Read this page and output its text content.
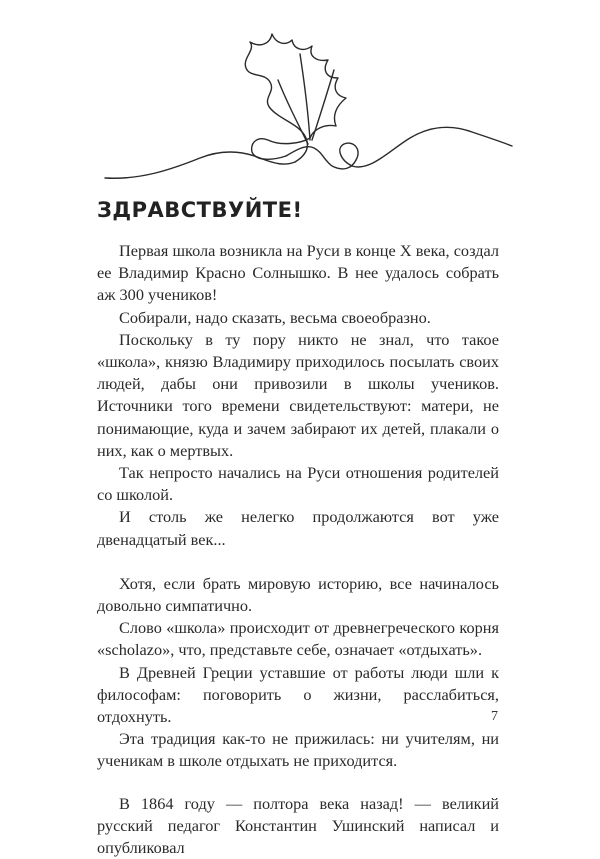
ЗДРАВСТВУЙТЕ!

Первая школа возникла на Руси в конце X века, создал ее Владимир Красно Солнышко. В нее удалось собрать аж 300 учеников!

Собирали, надо сказать, весьма своеобразно.

Поскольку в ту пору никто не знал, что такое «школа», князю Владимиру приходилось посылать своих людей, дабы они привозили в школы учеников. Источники того времени свидетельствуют: матери, не понимающие, куда и зачем забирают их детей, плакали о них, как о мертвых.

Так непросто начались на Руси отношения родителей со школой.

И столь же нелегко продолжаются вот уже двенадцатый век...

Хотя, если брать мировую историю, все начиналось довольно симпатично.

Слово «школа» происходит от древнегреческого корня «scholazo», что, представьте себе, означает «отдыхать».

В Древней Греции уставшие от работы люди шли к философам: поговорить о жизни, расслабиться, отдохнуть.

Эта традиция как-то не прижилась: ни учителям, ни ученикам в школе отдыхать не приходится.

В 1864 году — полтора века назад! — великий русский педагог Константин Ушинский написал и опубликовал

7
